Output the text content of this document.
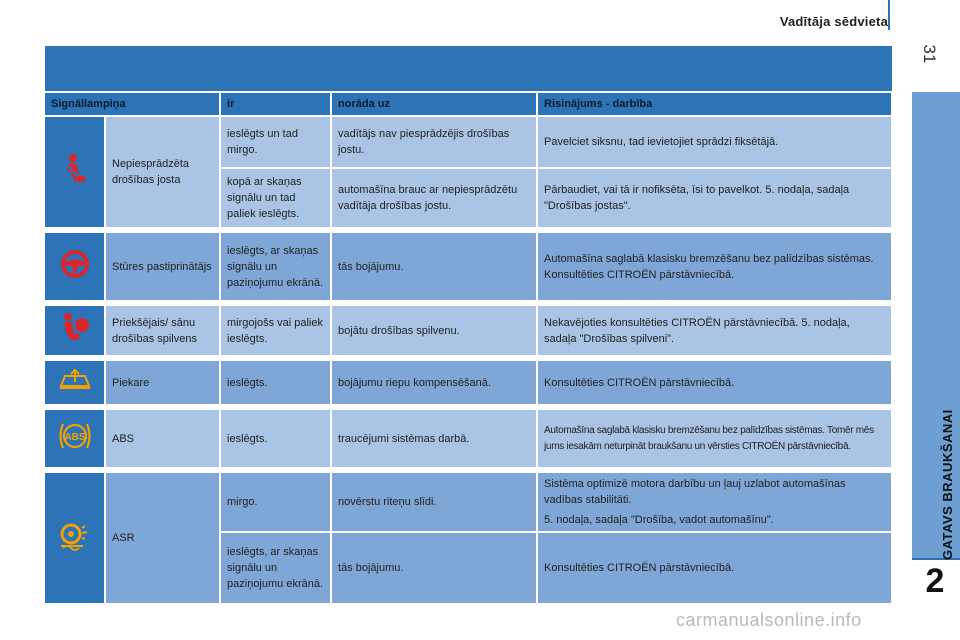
Vadītāja sēdvieta
31
GATAVS BRAUKŠANAI
2
Signāllampiņa		ir	norāda uz	Risinājums - darbība
	Nepiesprādzēta drošības josta	ieslēgts un tad mirgo.	vadītājs nav piesprādzējis drošības jostu.	Pavelciet siksnu, tad ievietojiet sprādzi fiksētājā.
		kopā ar skaņas signālu un tad paliek ieslēgts.	automašīna brauc ar nepiesprādzētu vadītāja drošības jostu.	Pārbaudiet, vai tā ir nofiksēta, īsi to pavelkot. 5. nodaļa, sadaļa "Drošības jostas".

	Stūres pastiprinātājs	ieslēgts, ar skaņas signālu un paziņojumu ekrānā.	tās bojājumu.	Automašīna saglabā klasisku bremzēšanu bez palīdzības sistēmas. Konsultēties CITROËN pārstāvniecībā.

	Priekšējais/ sānu drošības spilvens	mirgojošs vai paliek ieslēgts.	bojātu drošības spilvenu.	Nekavējoties konsultēties CITROËN pārstāvniecībā. 5. nodaļa, sadaļa "Drošības spilveni".

	Piekare	ieslēgts.	bojājumu riepu kompensēšanā.	Konsultēties CITROËN pārstāvniecībā.

ABS	ABS	ieslēgts.	traucējumi sistēmas darbā.	Automašīna saglabā klasisku bremzēšanu bez palīdzības sistēmas. Tomēr mēs jums iesakām neturpināt braukšanu un vērsties CITROËN pārstāvniecībā.

	ASR	mirgo.	novērstu riteņu slīdi.	Sistēma optimizē motora darbību un ļauj uzlabot automašīnas vadības stabilitāti.
5. nodaļa, sadaļa "Drošība, vadot automašīnu".

		iesl​ēgts, ar skaņas signālu un paziņojumu ekrānā.	tās bojājumu.	Konsultēties CITROËN pārstāvniecībā.
carmanualsonline.info
